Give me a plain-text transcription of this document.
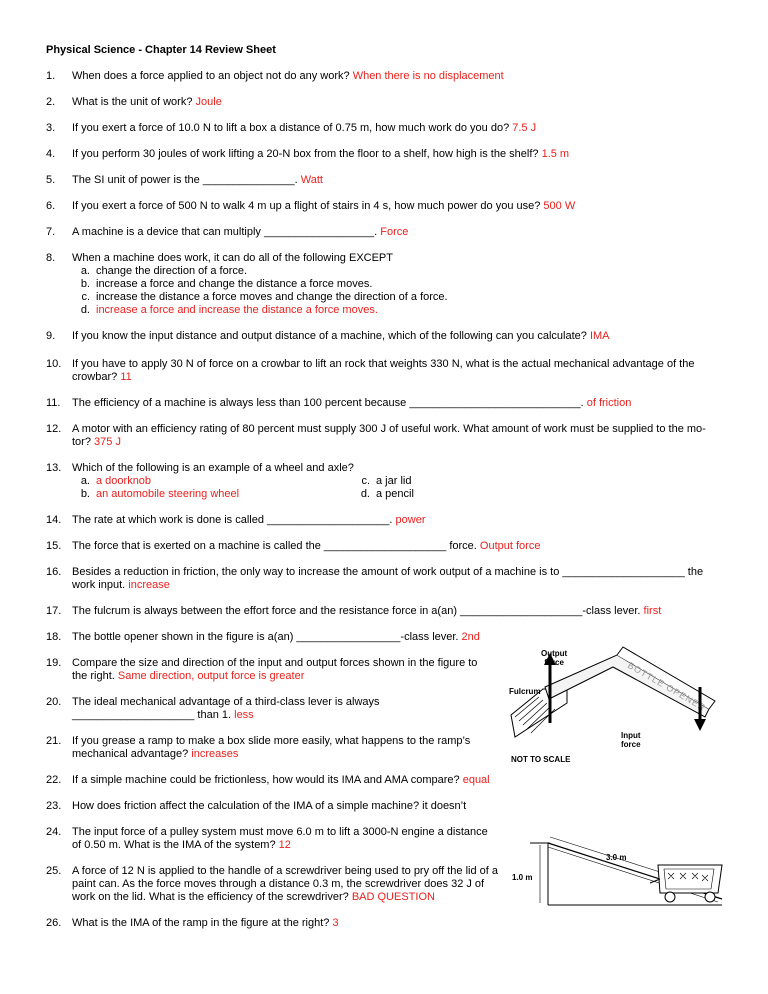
Physical Science - Chapter 14 Review Sheet
1.	When does a force applied to an object not do any work? When there is no displacement
2.	What is the unit of work? Joule
3.	If you exert a force of 10.0 N to lift a box a distance of 0.75 m, how much work do you do? 7.5 J
4.	If you perform 30 joules of work lifting a 20-N box from the floor to a shelf, how high is the shelf? 1.5 m
5.	The SI unit of power is the _______________. Watt
6.	If you exert a force of 500 N to walk 4 m up a flight of stairs in 4 s, how much power do you use? 500 W
7.	A machine is a device that can multiply __________________. Force
8.	When a machine does work, it can do all of the following EXCEPT
a. change the direction of a force.
b. increase a force and change the distance a force moves.
c. increase the distance a force moves and change the direction of a force.
d. increase a force and increase the distance a force moves.
9.	If you know the input distance and output distance of a machine, which of the following can you calculate? IMA
10. If you have to apply 30 N of force on a crowbar to lift an rock that weights 330 N, what is the actual mechanical advantage of the
crowbar? 11
11.	The efficiency of a machine is always less than 100 percent because ____________________________. of friction
12. A motor with an efficiency rating of 80 percent must supply 300 J of useful work. What amount of work must be supplied to the mo-
tor? 375 J
13. Which of the following is an example of a wheel and axle?
a. a doorknob
b. an automobile steering wheel
c. a jar lid
d. a pencil
14. The rate at which work is done is called ____________________. power
15. The force that is exerted on a machine is called the ____________________ force. Output force
16. Besides a reduction in friction, the only way to increase the amount of work output of a machine is to ____________________ the
work input. increase
17. The fulcrum is always between the effort force and the resistance force in a(an) ____________________-class lever. first
18. The bottle opener shown in the figure is a(an) _________________-class lever. 2nd
19. Compare the size and direction of the input and output forces shown in the figure to
the right. Same direction, output force is greater
20. The ideal mechanical advantage of a third-class lever is always
____________________ than 1. less
21. If you grease a ramp to make a box slide more easily, what happens to the ramp’s
mechanical advantage? increases
22. If a simple machine could be frictionless, how would its IMA and AMA compare? equal
23. How does friction affect the calculation of the IMA of a simple machine? it doesn’t
24. The input force of a pulley system must move 6.0 m to lift a 3000-N engine a distance
of 0.50 m. What is the IMA of the system? 12
25. A force of 12 N is applied to the handle of a screwdriver being used to pry off the lid of a
paint can. As the force moves through a distance 0.3 m, the screwdriver does 32 J of
work on the lid. What is the efficiency of the screwdriver? BAD QUESTION
26. What is the IMA of the ramp in the figure at the right? 3
BOTTLE OPENER
Output
force
Fulcrum
Input
force
NOT TO SCALE
3.0 m
1.0 m
